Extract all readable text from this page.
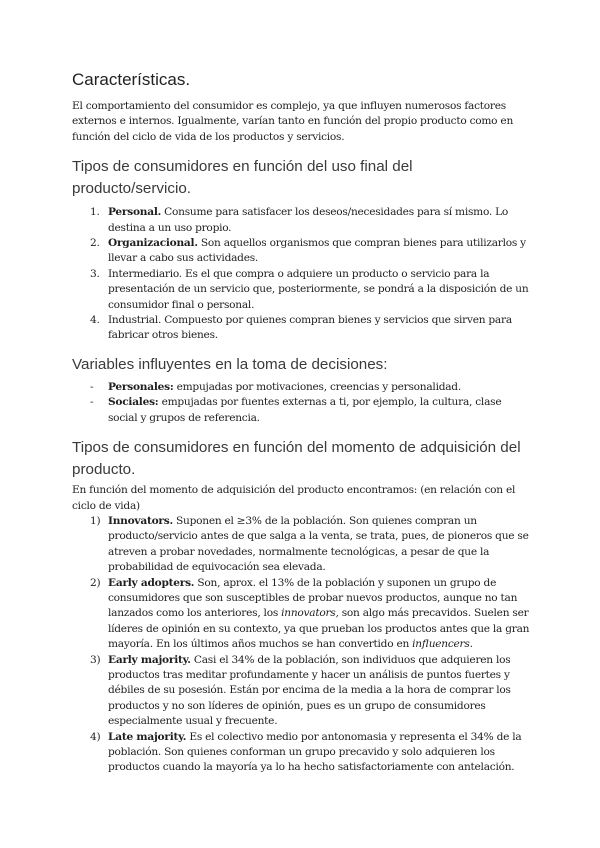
Características.

El comportamiento del consumidor es complejo, ya que influyen numerosos factores externos e internos. Igualmente, varían tanto en función del propio producto como en función del ciclo de vida de los productos y servicios.

Tipos de consumidores en función del uso final del producto/servicio.
1. Personal. Consume para satisfacer los deseos/necesidades para sí mismo. Lo destina a un uso propio.
2. Organizacional. Son aquellos organismos que compran bienes para utilizarlos y llevar a cabo sus actividades.
3. Intermediario. Es el que compra o adquiere un producto o servicio para la presentación de un servicio que, posteriormente, se pondrá a la disposición de un consumidor final o personal.
4. Industrial. Compuesto por quienes compran bienes y servicios que sirven para fabricar otros bienes.
Variables influyentes en la toma de decisiones:
- Personales: empujadas por motivaciones, creencias y personalidad.
- Sociales: empujadas por fuentes externas a ti, por ejemplo, la cultura, clase social y grupos de referencia.
Tipos de consumidores en función del momento de adquisición del producto.

En función del momento de adquisición del producto encontramos: (en relación con el ciclo de vida)

1) Innovators. Suponen el ≥3% de la población. Son quienes compran un producto/servicio antes de que salga a la venta, se trata, pues, de pioneros que se atreven a probar novedades, normalmente tecnológicas, a pesar de que la probabilidad de equivocación sea elevada.
2) Early adopters. Son, aprox. el 13% de la población y suponen un grupo de consumidores que son susceptibles de probar nuevos productos, aunque no tan lanzados como los anteriores, los innovators, son algo más precavidos. Suelen ser líderes de opinión en su contexto, ya que prueban los productos antes que la gran mayoría. En los últimos años muchos se han convertido en influencers.
3) Early majority. Casi el 34% de la población, son individuos que adquieren los productos tras meditar profundamente y hacer un análisis de puntos fuertes y débiles de su posesión. Están por encima de la media a la hora de comprar los productos y no son líderes de opinión, pues es un grupo de consumidores especialmente usual y frecuente.
4) Late majority. Es el colectivo medio por antonomasia y representa el 34% de la población. Son quienes conforman un grupo precavido y solo adquieren los productos cuando la mayoría ya lo ha hecho satisfactoriamente con antelación.
